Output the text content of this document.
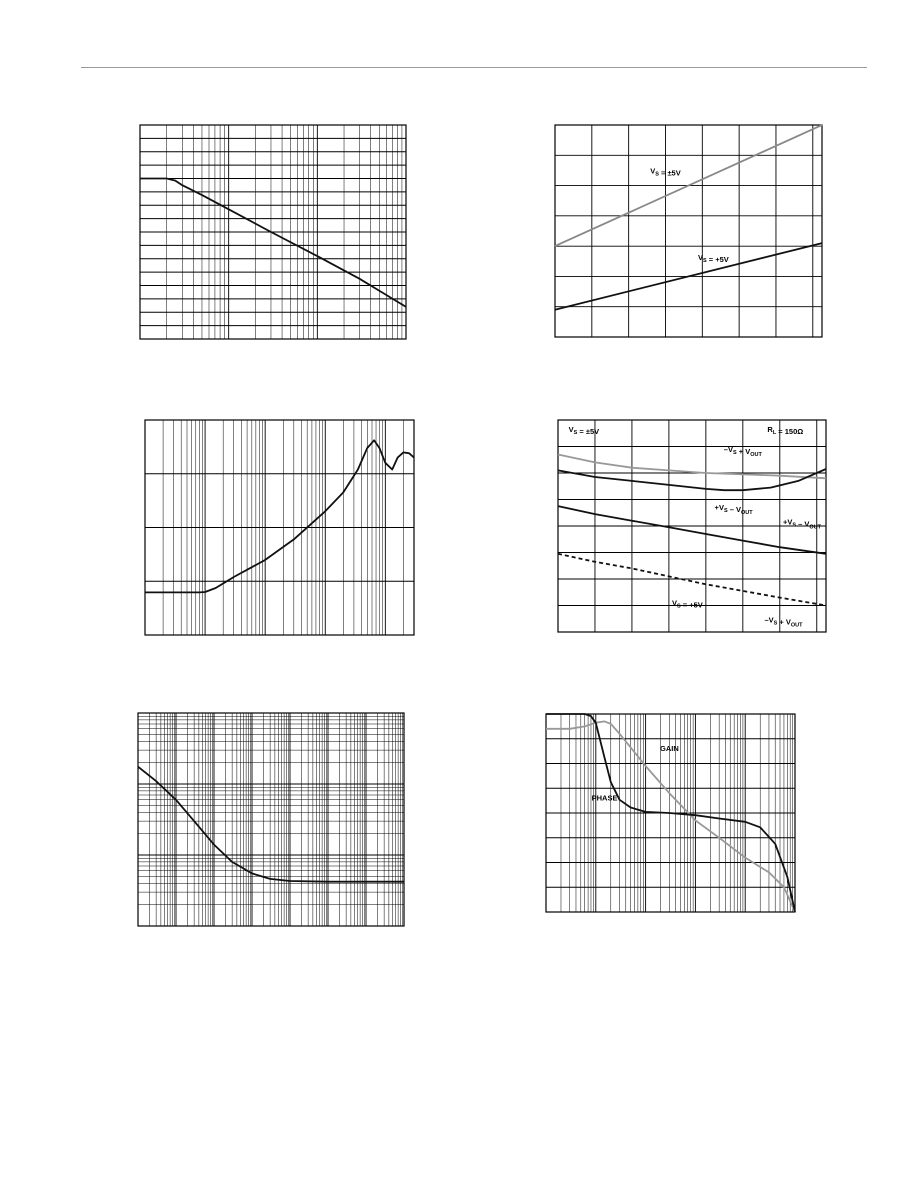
$V_S = \pm 5V$
$V_S = +5V$
$V_S = \pm 5V$	$R_L = 150\Omega$
$-V_S + V_{OUT}$
$+V_S - V_{OUT}$
$+V_S - V_{OUT}$
$V_S = +5V$
$-V_S + V_{OUT}$
GAIN
PHASE
